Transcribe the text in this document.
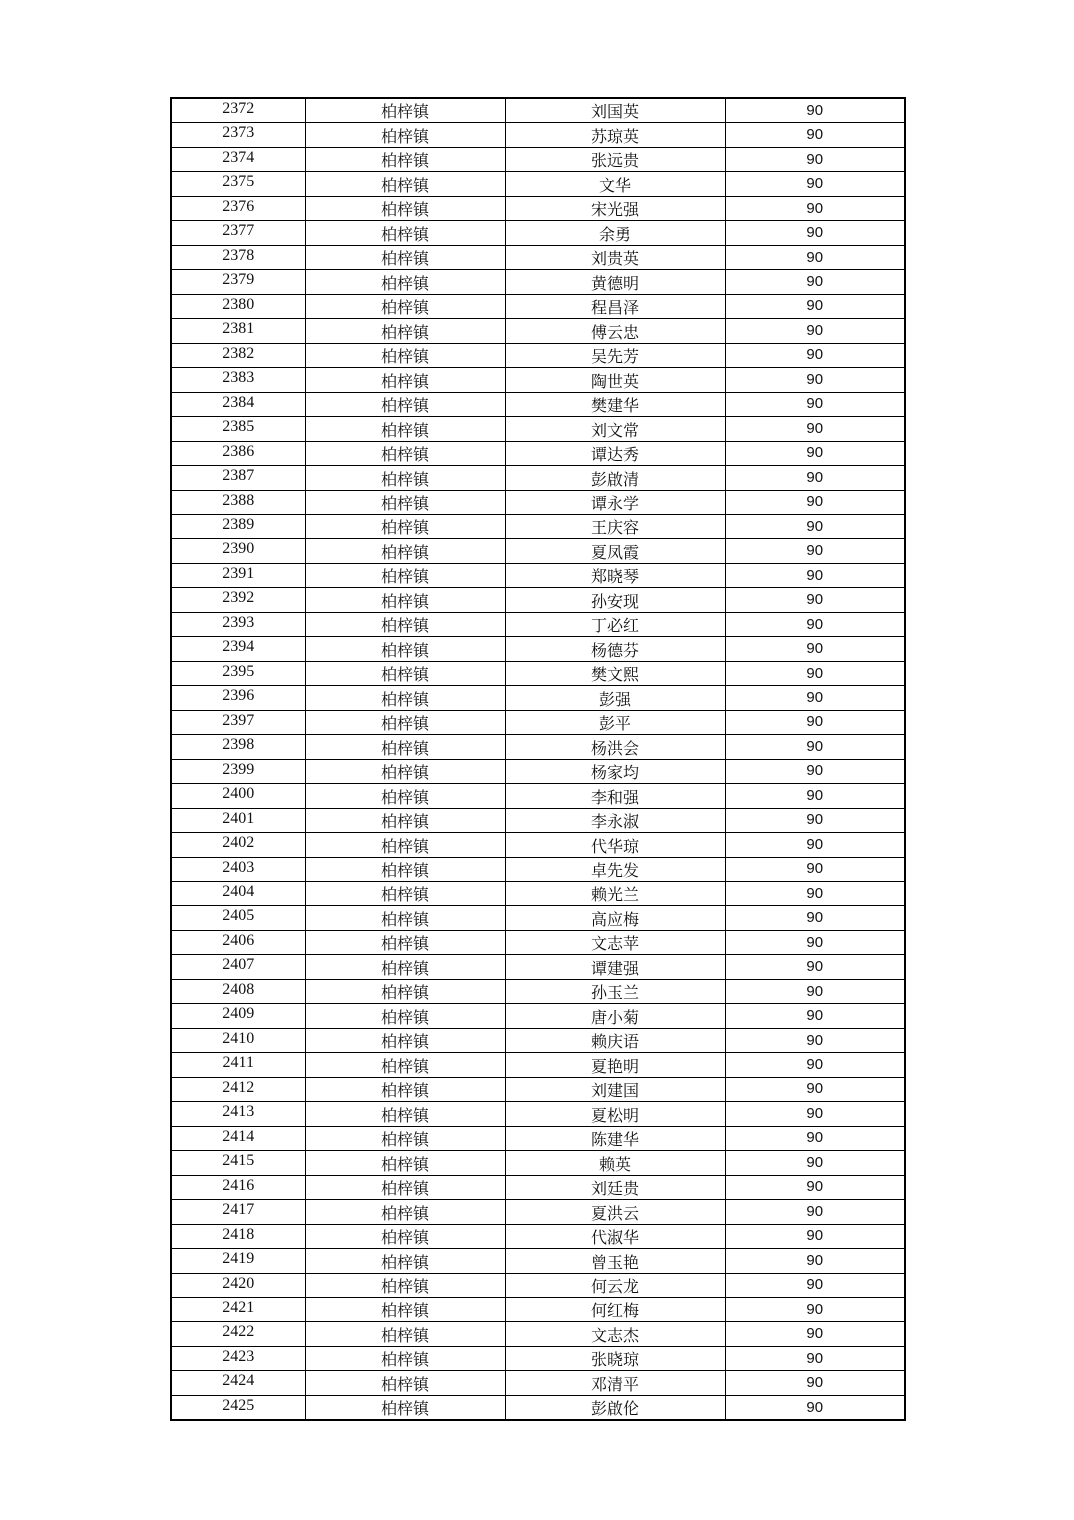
2372	柏梓镇	刘国英	90
2373	柏梓镇	苏琼英	90
2374	柏梓镇	张远贵	90
2375	柏梓镇	文华	90
2376	柏梓镇	宋光强	90
2377	柏梓镇	余勇	90
2378	柏梓镇	刘贵英	90
2379	柏梓镇	黄德明	90
2380	柏梓镇	程昌泽	90
2381	柏梓镇	傅云忠	90
2382	柏梓镇	吴先芳	90
2383	柏梓镇	陶世英	90
2384	柏梓镇	樊建华	90
2385	柏梓镇	刘文常	90
2386	柏梓镇	谭达秀	90
2387	柏梓镇	彭啟清	90
2388	柏梓镇	谭永学	90
2389	柏梓镇	王庆容	90
2390	柏梓镇	夏凤霞	90
2391	柏梓镇	郑晓琴	90
2392	柏梓镇	孙安现	90
2393	柏梓镇	丁必红	90
2394	柏梓镇	杨德芬	90
2395	柏梓镇	樊文熙	90
2396	柏梓镇	彭强	90
2397	柏梓镇	彭平	90
2398	柏梓镇	杨洪会	90
2399	柏梓镇	杨家均	90
2400	柏梓镇	李和强	90
2401	柏梓镇	李永淑	90
2402	柏梓镇	代华琼	90
2403	柏梓镇	卓先发	90
2404	柏梓镇	赖光兰	90
2405	柏梓镇	高应梅	90
2406	柏梓镇	文志苹	90
2407	柏梓镇	谭建强	90
2408	柏梓镇	孙玉兰	90
2409	柏梓镇	唐小菊	90
2410	柏梓镇	赖庆语	90
2411	柏梓镇	夏艳明	90
2412	柏梓镇	刘建国	90
2413	柏梓镇	夏松明	90
2414	柏梓镇	陈建华	90
2415	柏梓镇	赖英	90
2416	柏梓镇	刘廷贵	90
2417	柏梓镇	夏洪云	90
2418	柏梓镇	代淑华	90
2419	柏梓镇	曾玉艳	90
2420	柏梓镇	何云龙	90
2421	柏梓镇	何红梅	90
2422	柏梓镇	文志杰	90
2423	柏梓镇	张晓琼	90
2424	柏梓镇	邓清平	90
2425	柏梓镇	彭啟伦	90
